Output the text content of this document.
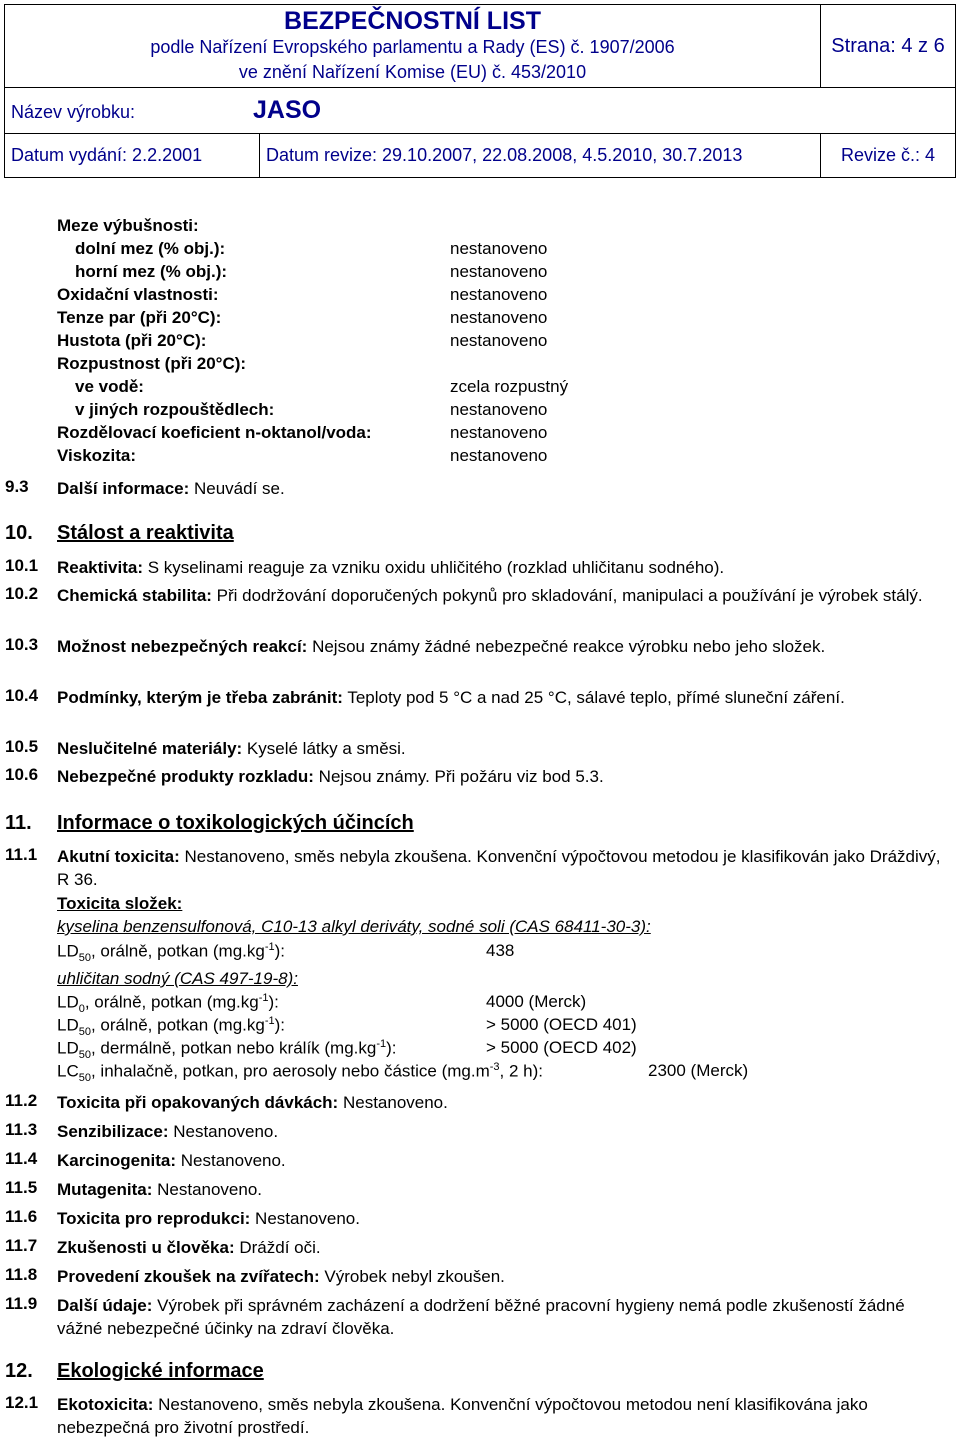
BEZPEČNOSTNÍ LIST
podle Nařízení Evropského parlamentu a Rady (ES) č. 1907/2006
ve znění Nařízení Komise (EU) č. 453/2010		Strana: 4 z 6
Název výrobku: JASO		
Datum vydání: 2.2.2001	Datum revize: 29.10.2007, 22.08.2008, 4.5.2010, 30.7.2013	Revize č.: 4
Meze výbušnosti:
dolní mez (% obj.):	nestanoveno
horní mez (% obj.):	nestanoveno
Oxidační vlastnosti:	nestanoveno
Tenze par (při 20°C):	nestanoveno
Hustota (při 20°C):	nestanoveno
Rozpustnost (při 20°C):
ve vodě:	zcela rozpustný
v jiných rozpouštědlech:	nestanoveno
Rozdělovací koeficient n-oktanol/voda:	nestanoveno
Viskozita:	nestanoveno
9.3 Další informace: Neuvádí se.
10. Stálost a reaktivita
10.1 Reaktivita: S kyselinami reaguje za vzniku oxidu uhličitého (rozklad uhličitanu sodného).
10.2 Chemická stabilita: Při dodržování doporučených pokynů pro skladování, manipulaci a používání je výrobek stálý.
10.3 Možnost nebezpečných reakcí: Nejsou známy žádné nebezpečné reakce výrobku nebo jeho složek.
10.4 Podmínky, kterým je třeba zabránit: Teploty pod 5 °C a nad 25 °C, sálavé teplo, přímé sluneční záření.
10.5 Neslučitelné materiály: Kyselé látky a směsi.
10.6 Nebezpečné produkty rozkladu: Nejsou známy. Při požáru viz bod 5.3.
11. Informace o toxikologických účincích
11.1 Akutní toxicita: Nestanoveno, směs nebyla zkoušena. Konvenční výpočtovou metodou je klasifikován jako Dráždivý, R 36.
Toxicita složek:
kyselina benzensulfonová, C10-13 alkyl deriváty, sodné soli (CAS 68411-30-3):
$LD_{50}$, orálně, potkan $(mg.kg^{-1})$:	438
uhličitan sodný (CAS 497-19-8):
$LD_0$, orálně, potkan $(mg.kg^{-1})$:	4000 (Merck)
$LD_{50}$, orálně, potkan $(mg.kg^{-1})$:	> 5000 (OECD 401)
$LD_{50}$, dermálně, potkan nebo králík $(mg.kg^{-1})$:	> 5000 (OECD 402)
$LC_{50}$, inhalačně, potkan, pro aerosoly nebo částice ($mg.m^{-3}$, 2 h):	2300 (Merck)
11.2 Toxicita při opakovaných dávkách: Nestanoveno.
11.3 Senzibilizace: Nestanoveno.
11.4 Karcinogenita: Nestanoveno.
11.5 Mutagenita: Nestanoveno.
11.6 Toxicita pro reprodukci: Nestanoveno.
11.7 Zkušenosti u člověka: Dráždí oči.
11.8 Provedení zkoušek na zvířatech: Výrobek nebyl zkoušen.
11.9 Další údaje: Výrobek při správném zacházení a dodržení běžné pracovní hygieny nemá podle zkušeností žádné vážné nebezpečné účinky na zdraví člověka.
12. Ekologické informace
12.1 Ekotoxicita: Nestanoveno, směs nebyla zkoušena. Konvenční výpočtovou metodou není klasifikována jako nebezpečná pro životní prostředí.
